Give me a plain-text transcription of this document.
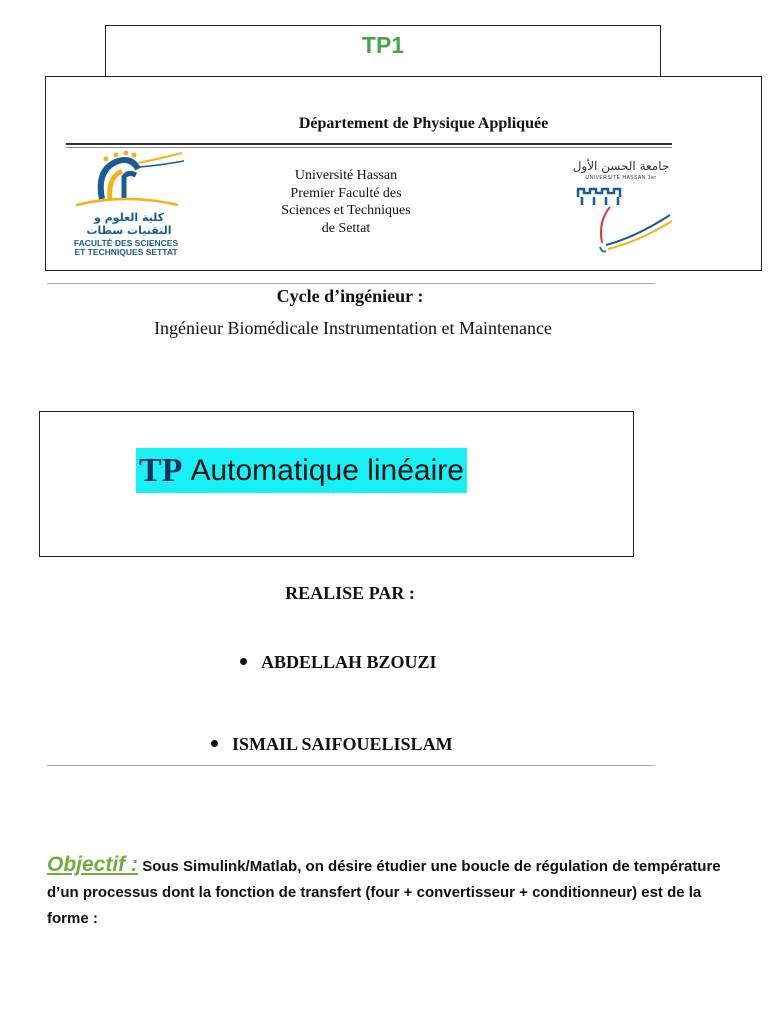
TP1
كلية العلوم و التقنيات سطات
FACULTÉ DES SCIENCES
ET TECHNIQUES SETTAT
Département de Physique Appliquée
Université Hassan
Premier Faculté des
Sciences et Techniques
de Settat
جامعة الحسن الأول
UNIVERSITÉ HASSAN 1er
Cycle d’ingénieur :
Ingénieur Biomédicale Instrumentation et Maintenance
TP Automatique linéaire
REALISE PAR :
ABDELLAH BZOUZI
ISMAIL SAIFOUELISLAM
Objectif : Sous Simulink/Matlab, on désire étudier une boucle de régulation de température d’un processus dont la fonction de transfert (four + convertisseur + conditionneur) est de la forme :
